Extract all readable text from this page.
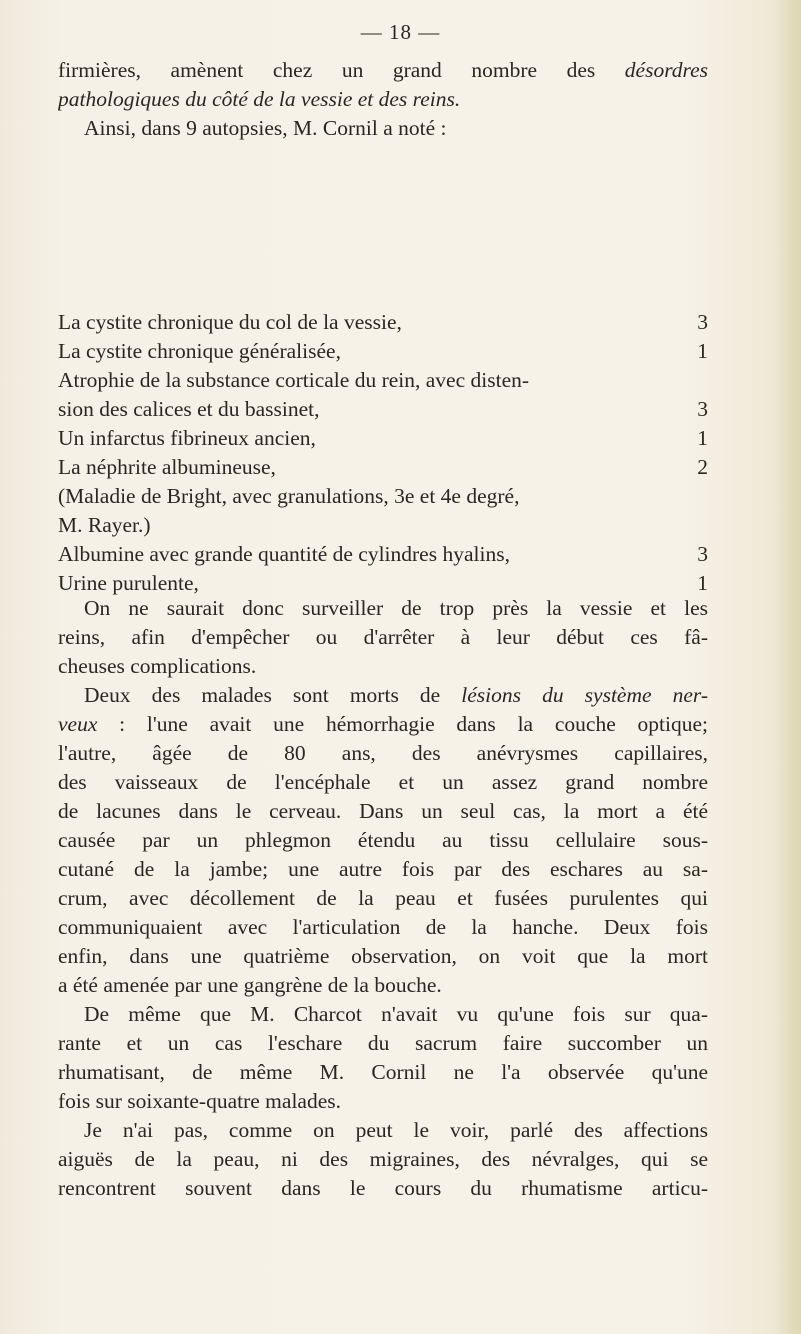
— 18 —
firmières, amènent chez un grand nombre des désordres
pathologiques du côté de la vessie et des reins.
Ainsi, dans 9 autopsies, M. Cornil a noté :
La cystite chronique du col de la vessie,	3
La cystite chronique généralisée,	1
Atrophie de la substance corticale du rein, avec disten-
sion des calices et du bassinet,	3
Un infarctus fibrineux ancien,	1
La néphrite albumineuse,	2
(Maladie de Bright, avec granulations, 3e et 4e degré,
M. Rayer.)
Albumine avec grande quantité de cylindres hyalins,	3
Urine purulente,	1
On ne saurait donc surveiller de trop près la vessie et les
reins, afin d'empêcher ou d'arrêter à leur début ces fâ-
cheuses complications.
Deux des malades sont morts de lésions du système ner-
veux : l'une avait une hémorrhagie dans la couche optique;
l'autre, âgée de 80 ans, des anévrysmes capillaires,
des vaisseaux de l'encéphale et un assez grand nombre
de lacunes dans le cerveau. Dans un seul cas, la mort a été
causée par un phlegmon étendu au tissu cellulaire sous-
cutané de la jambe; une autre fois par des eschares au sa-
crum, avec décollement de la peau et fusées purulentes qui
communiquaient avec l'articulation de la hanche. Deux fois
enfin, dans une quatrième observation, on voit que la mort
a été amenée par une gangrène de la bouche.
De même que M. Charcot n'avait vu qu'une fois sur qua-
rante et un cas l'eschare du sacrum faire succomber un
rhumatisant, de même M. Cornil ne l'a observée qu'une
fois sur soixante-quatre malades.
Je n'ai pas, comme on peut le voir, parlé des affections
aiguës de la peau, ni des migraines, des névralges, qui se
rencontrent souvent dans le cours du rhumatisme articu-
